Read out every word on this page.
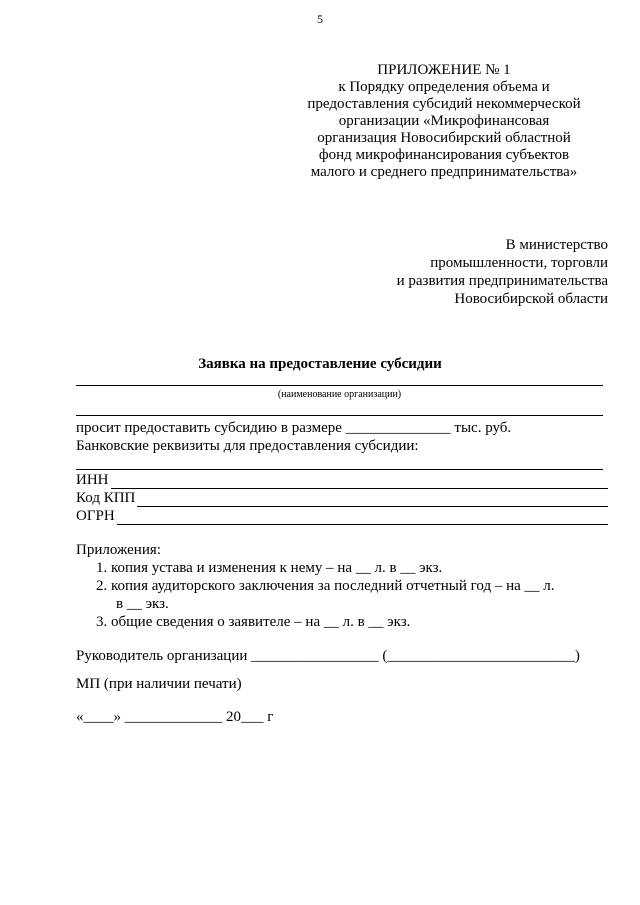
5
ПРИЛОЖЕНИЕ № 1
к Порядку определения объема и
предоставления субсидий некоммерческой
организации «Микрофинансовая
организация Новосибирский областной
фонд микрофинансирования субъектов
малого и среднего предпринимательства»
В министерство
промышленности, торговли
и развития предпринимательства
Новосибирской области
Заявка на предоставление субсидии
(наименование организации)
просит предоставить субсидию в размере ______________ тыс. руб.
Банковские реквизиты для предоставления субсидии:
ИНН
Код КПП
ОГРН
Приложения:
1. копия устава и изменения к нему – на __ л. в __ экз.
2. копия аудиторского заключения за последний отчетный год – на __ л.
в __ экз.
3. общие сведения о заявителе – на __ л. в __ экз.
Руководитель организации _________________ (_________________________)
МП (при наличии печати)
«____» _____________ 20___ г
